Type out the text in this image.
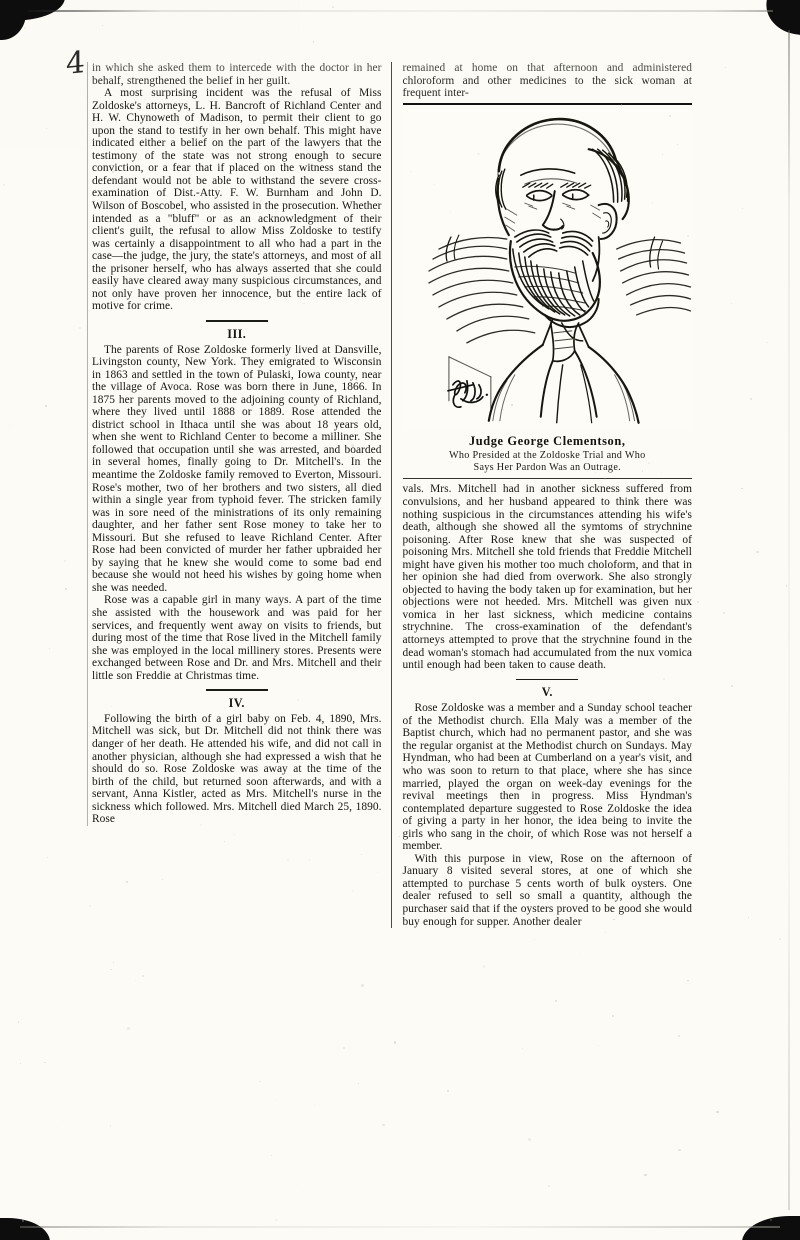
4 in which she asked them to intercede with the doctor in her behalf, strengthened the belief in her guilt.

A most surprising incident was the refusal of Miss Zoldoske's attorneys, L. H. Bancroft of Richland Center and H. W. Chynoweth of Madison, to permit their client to go upon the stand to testify in her own behalf. This might have indicated either a belief on the part of the lawyers that the testimony of the state was not strong enough to secure conviction, or a fear that if placed on the witness stand the defendant would not be able to withstand the severe cross-examination of Dist.-Atty. F. W. Burnham and John D. Wilson of Boscobel, who assisted in the prosecution. Whether intended as a "bluff" or as an acknowledgment of their client's guilt, the refusal to allow Miss Zoldoske to testify was certainly a disappointment to all who had a part in the case—the judge, the jury, the state's attorneys, and most of all the prisoner herself, who has always asserted that she could easily have cleared away many suspicious circumstances, and not only have proven her innocence, but the entire lack of motive for crime.

III.

The parents of Rose Zoldoske formerly lived at Dansville, Livingston county, New York. They emigrated to Wisconsin in 1863 and settled in the town of Pulaski, Iowa county, near the village of Avoca. Rose was born there in June, 1866. In 1875 her parents moved to the adjoining county of Richland, where they lived until 1888 or 1889. Rose attended the district school in Ithaca until she was about 18 years old, when she went to Richland Center to become a milliner. She followed that occupation until she was arrested, and boarded in several homes, finally going to Dr. Mitchell's. In the meantime the Zoldoske family removed to Everton, Missouri. Rose's mother, two of her brothers and two sisters, all died within a single year from typhoid fever. The stricken family was in sore need of the ministrations of its only remaining daughter, and her father sent Rose money to take her to Missouri. But she refused to leave Richland Center. After Rose had been convicted of murder her father upbraided her by saying that he knew she would come to some bad end because she would not heed his wishes by going home when she was needed.

Rose was a capable girl in many ways. A part of the time she assisted with the housework and was paid for her services, and frequently went away on visits to friends, but during most of the time that Rose lived in the Mitchell family she was employed in the local millinery stores. Presents were exchanged between Rose and Dr. and Mrs. Mitchell and their little son Freddie at Christmas time.

IV.

Following the birth of a girl baby on Feb. 4, 1890, Mrs. Mitchell was sick, but Dr. Mitchell did not think there was danger of her death. He attended his wife, and did not call in another physician, although she had expressed a wish that he should do so. Rose Zoldoske was away at the time of the birth of the child, but returned soon afterwards, and with a servant, Anna Kistler, acted as Mrs. Mitchell's nurse in the sickness which followed. Mrs. Mitchell died March 25, 1890. Rose

remained at home on that afternoon and administered chloroform and other medicines to the sick woman at frequent inter-

Judge George Clementson,
Who Presided at the Zoldoske Trial and Who
Says Her Pardon Was an Outrage.

vals. Mrs. Mitchell had in another sickness suffered from convulsions, and her husband appeared to think there was nothing suspicious in the circumstances attending his wife's death, although she showed all the symtoms of strychnine poisoning. After Rose knew that she was suspected of poisoning Mrs. Mitchell she told friends that Freddie Mitchell might have given his mother too much choloform, and that in her opinion she had died from overwork. She also strongly objected to having the body taken up for examination, but her objections were not heeded. Mrs. Mitchell was given nux vomica in her last sickness, which medicine contains strychnine. The cross-examination of the defendant's attorneys attempted to prove that the strychnine found in the dead woman's stomach had accumulated from the nux vomica until enough had been taken to cause death.

V.

Rose Zoldoske was a member and a Sunday school teacher of the Methodist church. Ella Maly was a member of the Baptist church, which had no permanent pastor, and she was the regular organist at the Methodist church on Sundays. May Hyndman, who had been at Cumberland on a year's visit, and who was soon to return to that place, where she has since married, played the organ on week-day evenings for the revival meetings then in progress. Miss Hyndman's contemplated departure suggested to Rose Zoldoske the idea of giving a party in her honor, the idea being to invite the girls who sang in the choir, of which Rose was not herself a member.

With this purpose in view, Rose on the afternoon of January 8 visited several stores, at one of which she attempted to purchase 5 cents worth of bulk oysters. One dealer refused to sell so small a quantity, although the purchaser said that if the oysters proved to be good she would buy enough for supper. Another dealer
